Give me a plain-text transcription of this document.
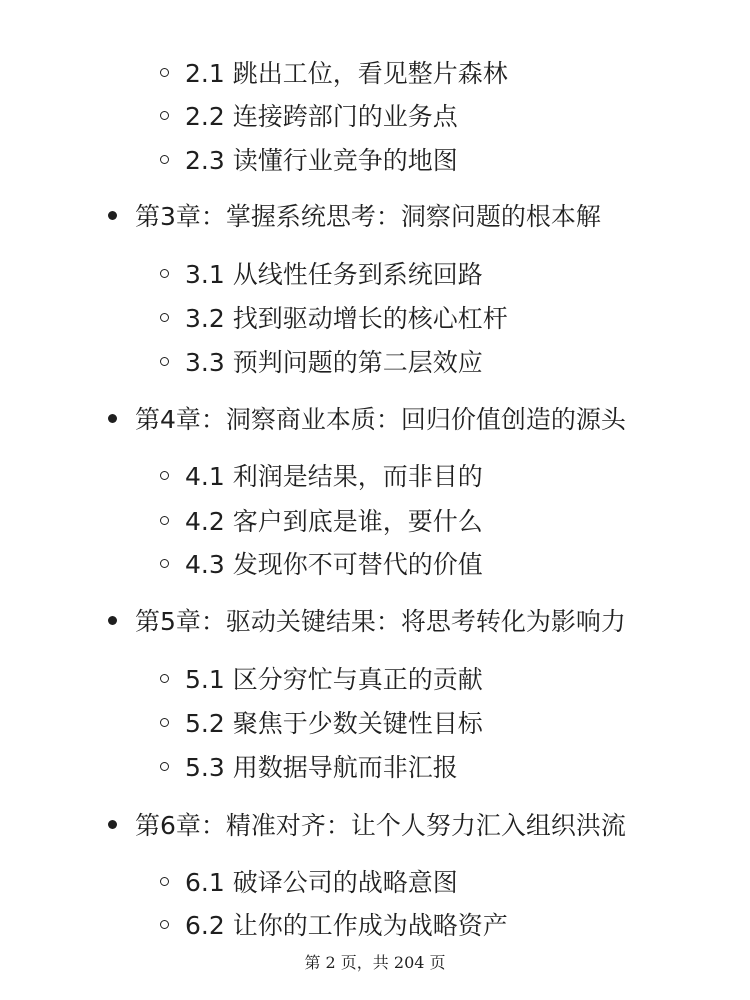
2.1 跳出工位，看见整片森林
2.2 连接跨部门的业务点
2.3 读懂行业竞争的地图
第3章：掌握系统思考：洞察问题的根本解
3.1 从线性任务到系统回路
3.2 找到驱动增长的核心杠杆
3.3 预判问题的第二层效应
第4章：洞察商业本质：回归价值创造的源头
4.1 利润是结果，而非目的
4.2 客户到底是谁，要什么
4.3 发现你不可替代的价值
第5章：驱动关键结果：将思考转化为影响力
5.1 区分穷忙与真正的贡献
5.2 聚焦于少数关键性目标
5.3 用数据导航而非汇报
第6章：精准对齐：让个人努力汇入组织洪流
6.1 破译公司的战略意图
6.2 让你的工作成为战略资产
第 2 页，共 204 页
